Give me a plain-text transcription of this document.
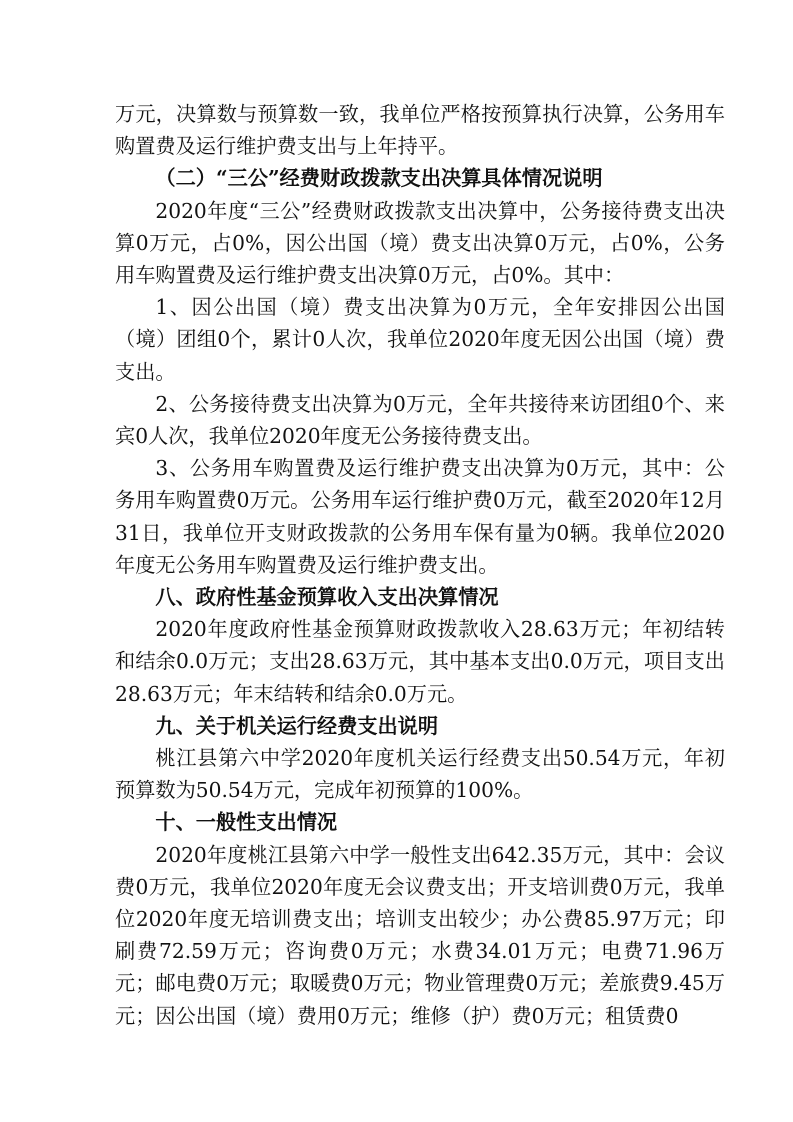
万元，决算数与预算数一致，我单位严格按预算执行决算，公务用车购置费及运行维护费支出与上年持平。

（二）“三公”经费财政拨款支出决算具体情况说明

2020年度“三公”经费财政拨款支出决算中，公务接待费支出决算0万元，占0%，因公出国（境）费支出决算0万元，占0%，公务用车购置费及运行维护费支出决算0万元，占0%。其中：

1、因公出国（境）费支出决算为0万元，全年安排因公出国（境）团组0个，累计0人次，我单位2020年度无因公出国（境）费支出。

2、公务接待费支出决算为0万元，全年共接待来访团组0个、来宾0人次，我单位2020年度无公务接待费支出。

3、公务用车购置费及运行维护费支出决算为0万元，其中：公务用车购置费0万元。公务用车运行维护费0万元，截至2020年12月31日，我单位开支财政拨款的公务用车保有量为0辆。我单位2020年度无公务用车购置费及运行维护费支出。

八、政府性基金预算收入支出决算情况

2020年度政府性基金预算财政拨款收入28.63万元；年初结转和结余0.0万元；支出28.63万元，其中基本支出0.0万元，项目支出28.63万元；年末结转和结余0.0万元。

九、关于机关运行经费支出说明

桃江县第六中学2020年度机关运行经费支出50.54万元，年初预算数为50.54万元，完成年初预算的100%。

十、一般性支出情况

2020年度桃江县第六中学一般性支出642.35万元，其中：会议费0万元，我单位2020年度无会议费支出；开支培训费0万元，我单位2020年度无培训费支出；培训支出较少；办公费85.97万元；印刷费72.59万元；咨询费0万元；水费34.01万元；电费71.96万元；邮电费0万元；取暖费0万元；物业管理费0万元；差旅费9.45万元；因公出国（境）费用0万元；维修（护）费0万元；租赁费0
